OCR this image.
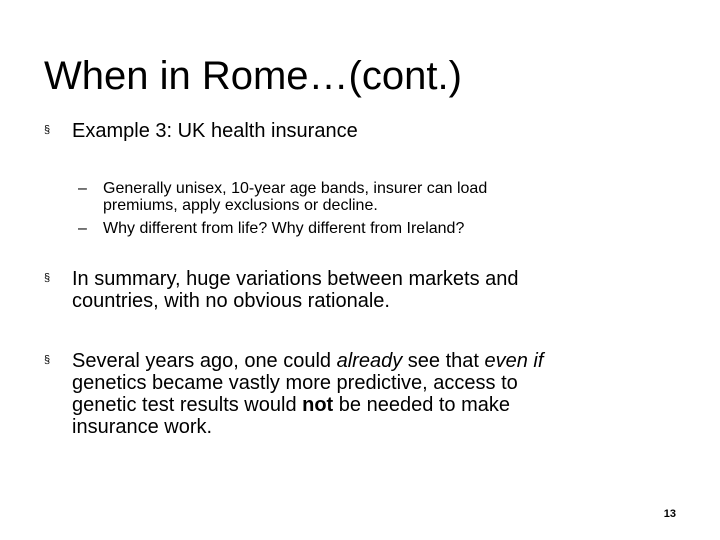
When in Rome…(cont.)
§ Example 3: UK health insurance
– Generally unisex, 10-year age bands, insurer can load
premiums, apply exclusions or decline.
– Why different from life? Why different from Ireland?
§ In summary, huge variations between markets and
countries, with no obvious rationale.
§ Several years ago, one could already see that even if
genetics became vastly more predictive, access to
genetic test results would not be needed to make
insurance work.
13
